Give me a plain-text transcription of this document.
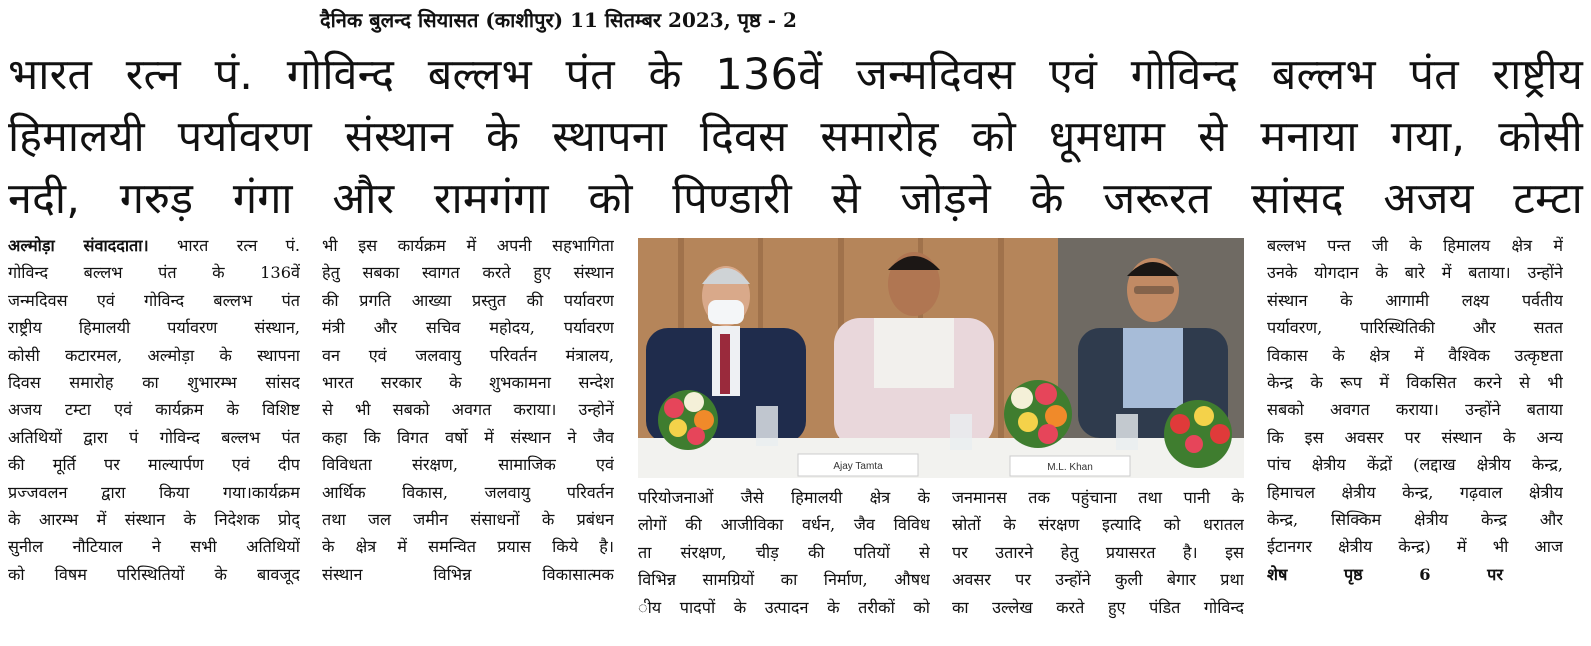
दैनिक बुलन्द सियासत (काशीपुर) 11 सितम्बर 2023, पृष्ठ - 2
भारत रत्न पं. गोविन्द बल्लभ पंत के 136वें जन्मदिवस एवं गोविन्द बल्लभ पंत राष्ट्रीय
हिमालयी पर्यावरण संस्थान के स्थापना दिवस समारोह को धूमधाम से मनाया गया, कोसी
नदी, गरुड़ गंगा और रामगंगा को पिण्डारी से जोड़ने के जरूरत सांसद अजय टम्टा
अल्मोड़ा संवाददाता। भारत रत्न पं.
गोविन्द बल्लभ पंत के 136वें
जन्मदिवस एवं गोविन्द बल्लभ पंत
राष्ट्रीय हिमालयी पर्यावरण संस्थान,
कोसी कटारमल, अल्मोड़ा के स्थापना
दिवस समारोह का शुभारम्भ सांसद
अजय टम्टा एवं कार्यक्रम के विशिष्ट
अतिथियों द्वारा पं गोविन्द बल्लभ पंत
की मूर्ति पर माल्यार्पण एवं दीप
प्रज्जवलन द्वारा किया गया।कार्यक्रम
के आरम्भ में संस्थान के निदेशक प्रोद्
सुनील नौटियाल ने सभी अतिथियों
को विषम परिस्थितियों के बावजूद
भी इस कार्यक्रम में अपनी सहभागिता
हेतु सबका स्वागत करते हुए संस्थान
की प्रगति आख्या प्रस्तुत की पर्यावरण
मंत्री और सचिव महोदय, पर्यावरण
वन एवं जलवायु परिवर्तन मंत्रालय,
भारत सरकार के शुभकामना सन्देश
से भी सबको अवगत कराया। उन्होनें
कहा कि विगत वर्षो में संस्थान ने जैव
विविधता संरक्षण, सामाजिक एवं
आर्थिक विकास, जलवायु परिवर्तन
तथा जल जमीन संसाधनों के प्रबंधन
के क्षेत्र में समन्वित प्रयास किये है।
संस्थान विभिन्न विकासात्मक
Ajay Tamta	M.L. Khan
परियोजनाओं जैसे हिमालयी क्षेत्र के
लोगों की आजीविका वर्धन, जैव विविध
ता संरक्षण, चीड़ की पतियों से
विभिन्न सामग्रियों का निर्माण, औषध
ीय पादपों के उत्पादन के तरीकों को
जनमानस तक पहुंचाना तथा पानी के
स्रोतों के संरक्षण इत्यादि को धरातल
पर उतारने हेतु प्रयासरत है। इस
अवसर पर उन्होंने कुली बेगार प्रथा
का उल्लेख करते हुए पंडित गोविन्द
बल्लभ पन्त जी के हिमालय क्षेत्र में
उनके योगदान के बारे में बताया। उन्होंने
संस्थान के आगामी लक्ष्य पर्वतीय
पर्यावरण, पारिस्थितिकी और सतत
विकास के क्षेत्र में वैश्विक उत्कृष्टता
केन्द्र के रूप में विकसित करने से भी
सबको अवगत कराया। उन्होंने बताया
कि इस अवसर पर संस्थान के अन्य
पांच क्षेत्रीय केंद्रों (लद्दाख क्षेत्रीय केन्द्र,
हिमाचल क्षेत्रीय केन्द्र, गढ़वाल क्षेत्रीय
केन्द्र, सिक्किम क्षेत्रीय केन्द्र और
ईटानगर क्षेत्रीय केन्द्र) में भी आज
शेष पृष्ठ 6 पर
